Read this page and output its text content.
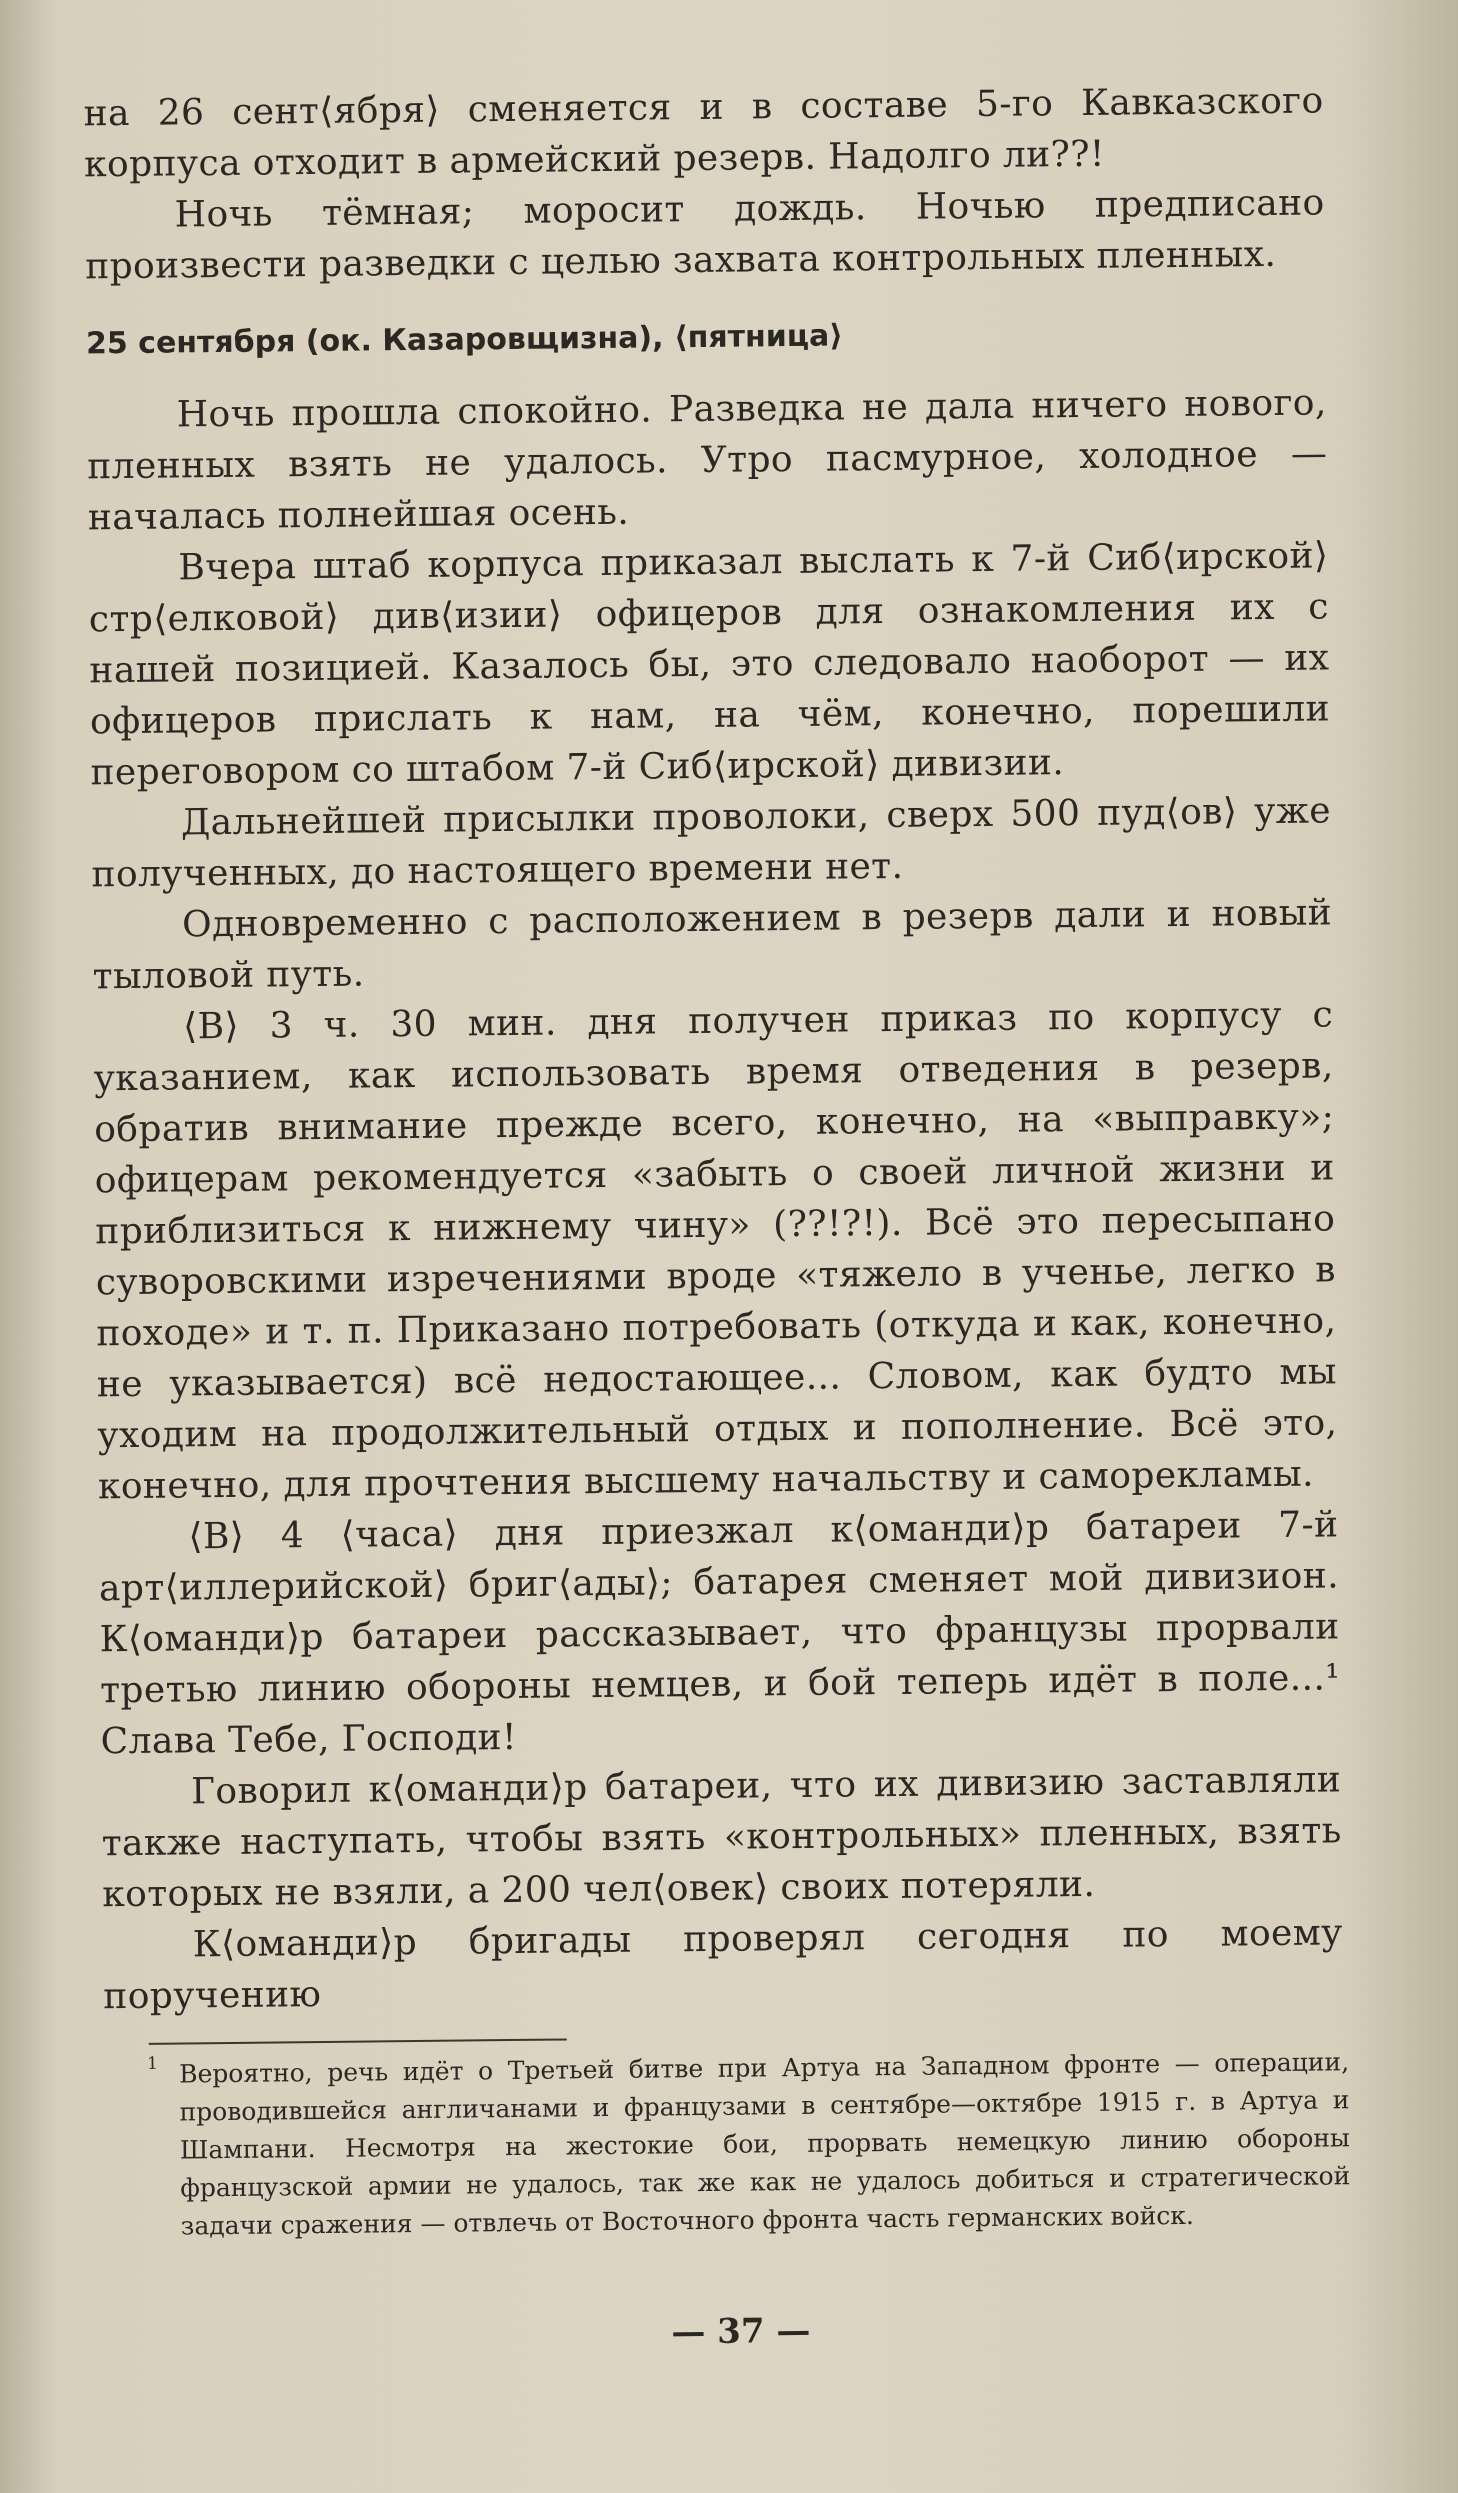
на 26 сент⟨ября⟩ сменяется и в составе 5-го Кавказского корпуса отходит в армейский резерв. Надолго ли??!

Ночь тёмная; моросит дождь. Ночью предписано произвести разведки с целью захвата контрольных пленных.

25 сентября (ок. Казаровщизна), ⟨пятница⟩

Ночь прошла спокойно. Разведка не дала ничего нового, пленных взять не удалось. Утро пасмурное, холодное — началась полнейшая осень.

Вчера штаб корпуса приказал выслать к 7-й Сиб⟨ирской⟩ стр⟨елковой⟩ див⟨изии⟩ офицеров для ознакомления их с нашей позицией. Казалось бы, это следовало наоборот — их офицеров прислать к нам, на чём, конечно, порешили переговором со штабом 7-й Сиб⟨ирской⟩ дивизии.

Дальнейшей присылки проволоки, сверх 500 пуд⟨ов⟩ уже полученных, до настоящего времени нет.

Одновременно с расположением в резерв дали и новый тыловой путь.

⟨В⟩ 3 ч. 30 мин. дня получен приказ по корпусу с указанием, как использовать время отведения в резерв, обратив внимание прежде всего, конечно, на «выправку»; офицерам рекомендуется «забыть о своей личной жизни и приблизиться к нижнему чину» (??!?!). Всё это пересыпано суворовскими изречениями вроде «тяжело в ученье, легко в походе» и т. п. Приказано потребовать (откуда и как, конечно, не указывается) всё недостающее... Словом, как будто мы уходим на продолжительный отдых и пополнение. Всё это, конечно, для прочтения высшему начальству и саморекламы.

⟨В⟩ 4 ⟨часа⟩ дня приезжал к⟨оманди⟩р батареи 7-й арт⟨иллерийской⟩ бриг⟨ады⟩; батарея сменяет мой дивизион. К⟨оманди⟩р батареи рассказывает, что французы прорвали третью линию обороны немцев, и бой теперь идёт в поле...¹ Слава Тебе, Господи!

Говорил к⟨оманди⟩р батареи, что их дивизию заставляли также наступать, чтобы взять «контрольных» пленных, взять которых не взяли, а 200 чел⟨овек⟩ своих потеряли.

К⟨оманди⟩р бригады проверял сегодня по моему поручению

1 Вероятно, речь идёт о Третьей битве при Артуа на Западном фронте — операции, проводившейся англичанами и французами в сентябре—октябре 1915 г. в Артуа и Шампани. Несмотря на жестокие бои, прорвать немецкую линию обороны французской армии не удалось, так же как не удалось добиться и стратегической задачи сражения — отвлечь от Восточного фронта часть германских войск.

— 37 —
